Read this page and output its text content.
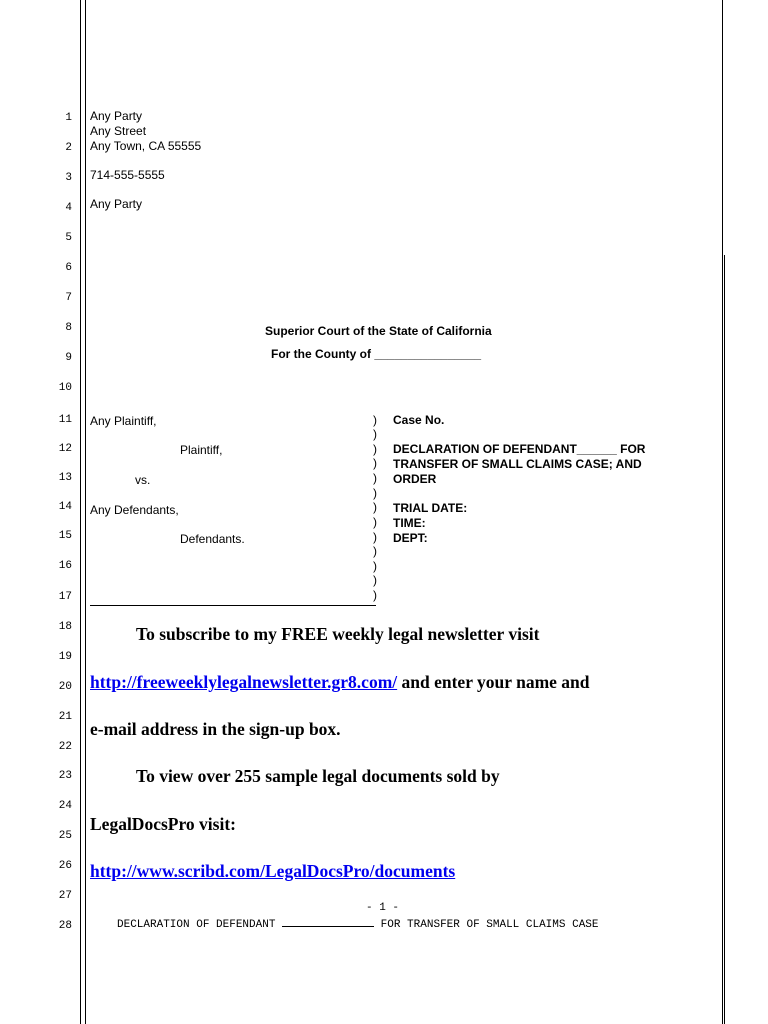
1
2
3
4
5
6
7
8
9
10
11
12
13
14
15
16
17
18
19
20
21
22
23
24
25
26
27
28
Any Party
Any Street
Any Town, CA 55555
714-555-5555
Any Party
Superior Court of the State of California
For the County of ________________
Any Plaintiff,
Plaintiff,
vs.
Any Defendants,
Defendants.
)
)
)
)
)
)
)
)
)
)
)
)
)
Case No.
DECLARATION OF DEFENDANT______ FOR
TRANSFER OF SMALL CLAIMS CASE; AND
ORDER
TRIAL DATE:
TIME:
DEPT:
To subscribe to my FREE weekly legal newsletter visit
http://freeweeklylegalnewsletter.gr8.com/ and enter your name and
e-mail address in the sign-up box.
To view over 255 sample legal documents sold by
LegalDocsPro visit:
http://www.scribd.com/LegalDocsPro/documents
- 1 -
DECLARATION OF DEFENDANT	FOR TRANSFER OF SMALL CLAIMS CASE
